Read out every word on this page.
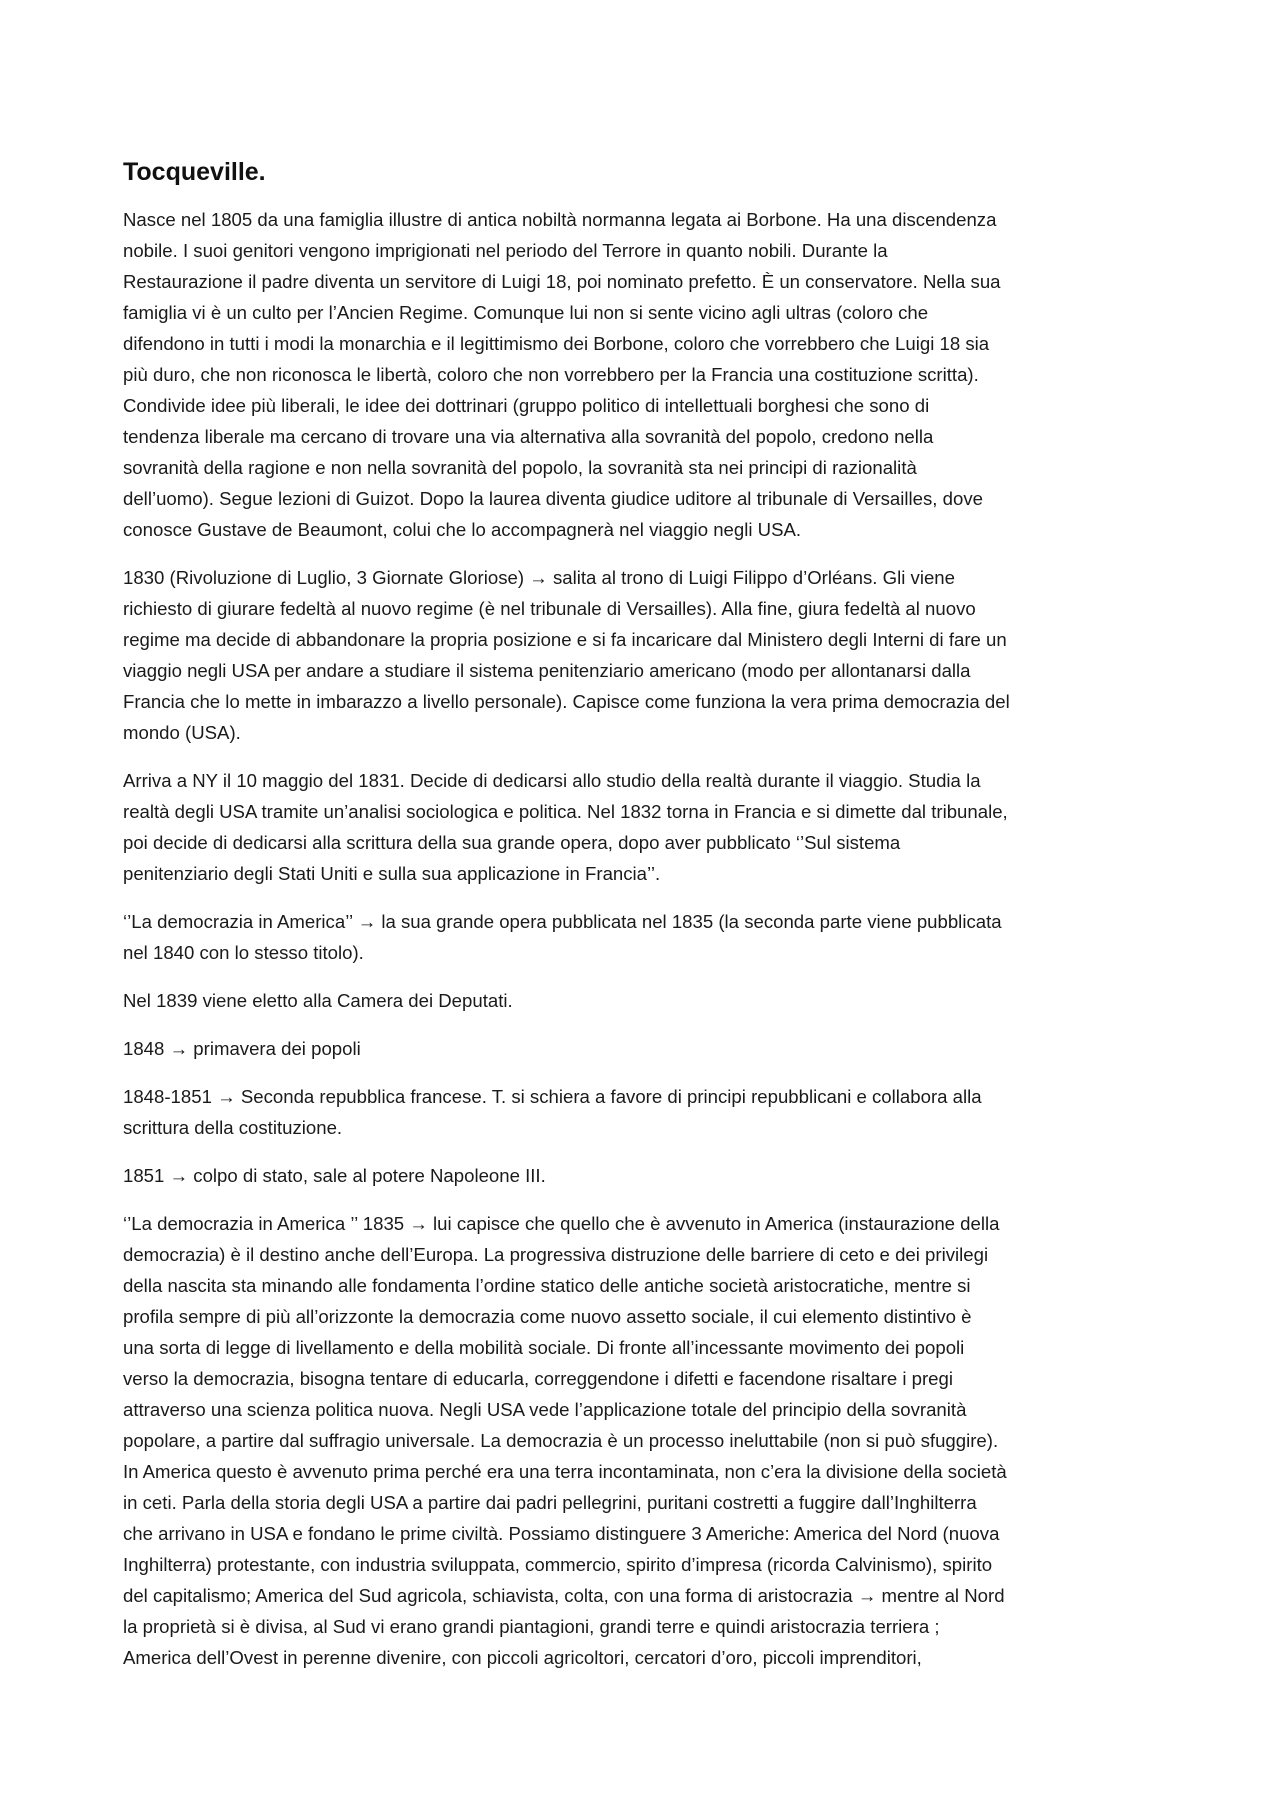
Tocqueville.

Nasce nel 1805 da una famiglia illustre di antica nobiltà normanna legata ai Borbone. Ha una discendenza
nobile. I suoi genitori vengono imprigionati nel periodo del Terrore in quanto nobili. Durante la
Restaurazione il padre diventa un servitore di Luigi 18, poi nominato prefetto. È un conservatore. Nella sua
famiglia vi è un culto per l’Ancien Regime. Comunque lui non si sente vicino agli ultras (coloro che
difendono in tutti i modi la monarchia e il legittimismo dei Borbone, coloro che vorrebbero che Luigi 18 sia
più duro, che non riconosca le libertà, coloro che non vorrebbero per la Francia una costituzione scritta).
Condivide idee più liberali, le idee dei dottrinari (gruppo politico di intellettuali borghesi che sono di
tendenza liberale ma cercano di trovare una via alternativa alla sovranità del popolo, credono nella
sovranità della ragione e non nella sovranità del popolo, la sovranità sta nei principi di razionalità
dell’uomo). Segue lezioni di Guizot. Dopo la laurea diventa giudice uditore al tribunale di Versailles, dove
conosce Gustave de Beaumont, colui che lo accompagnerà nel viaggio negli USA.

1830 (Rivoluzione di Luglio, 3 Giornate Gloriose) → salita al trono di Luigi Filippo d’Orléans. Gli viene
richiesto di giurare fedeltà al nuovo regime (è nel tribunale di Versailles). Alla fine, giura fedeltà al nuovo
regime ma decide di abbandonare la propria posizione e si fa incaricare dal Ministero degli Interni di fare un
viaggio negli USA per andare a studiare il sistema penitenziario americano (modo per allontanarsi dalla
Francia che lo mette in imbarazzo a livello personale). Capisce come funziona la vera prima democrazia del
mondo (USA).

Arriva a NY il 10 maggio del 1831. Decide di dedicarsi allo studio della realtà durante il viaggio. Studia la
realtà degli USA tramite un’analisi sociologica e politica. Nel 1832 torna in Francia e si dimette dal tribunale,
poi decide di dedicarsi alla scrittura della sua grande opera, dopo aver pubblicato ‘’Sul sistema
penitenziario degli Stati Uniti e sulla sua applicazione in Francia’’.

‘’La democrazia in America’’ → la sua grande opera pubblicata nel 1835 (la seconda parte viene pubblicata
nel 1840 con lo stesso titolo).

Nel 1839 viene eletto alla Camera dei Deputati.

1848 → primavera dei popoli

1848-1851 → Seconda repubblica francese. T. si schiera a favore di principi repubblicani e collabora alla
scrittura della costituzione.

1851 → colpo di stato, sale al potere Napoleone III.

‘’La democrazia in America ’’ 1835 → lui capisce che quello che è avvenuto in America (instaurazione della
democrazia) è il destino anche dell’Europa. La progressiva distruzione delle barriere di ceto e dei privilegi
della nascita sta minando alle fondamenta l’ordine statico delle antiche società aristocratiche, mentre si
profila sempre di più all’orizzonte la democrazia come nuovo assetto sociale, il cui elemento distintivo è
una sorta di legge di livellamento e della mobilità sociale. Di fronte all’incessante movimento dei popoli
verso la democrazia, bisogna tentare di educarla, correggendone i difetti e facendone risaltare i pregi
attraverso una scienza politica nuova. Negli USA vede l’applicazione totale del principio della sovranità
popolare, a partire dal suffragio universale. La democrazia è un processo ineluttabile (non si può sfuggire).
In America questo è avvenuto prima perché era una terra incontaminata, non c’era la divisione della società
in ceti. Parla della storia degli USA a partire dai padri pellegrini, puritani costretti a fuggire dall’Inghilterra
che arrivano in USA e fondano le prime civiltà. Possiamo distinguere 3 Americhe: America del Nord (nuova
Inghilterra) protestante, con industria sviluppata, commercio, spirito d’impresa (ricorda Calvinismo), spirito
del capitalismo; America del Sud agricola, schiavista, colta, con una forma di aristocrazia → mentre al Nord
la proprietà si è divisa, al Sud vi erano grandi piantagioni, grandi terre e quindi aristocrazia terriera ;
America dell’Ovest in perenne divenire, con piccoli agricoltori, cercatori d’oro, piccoli imprenditori,
